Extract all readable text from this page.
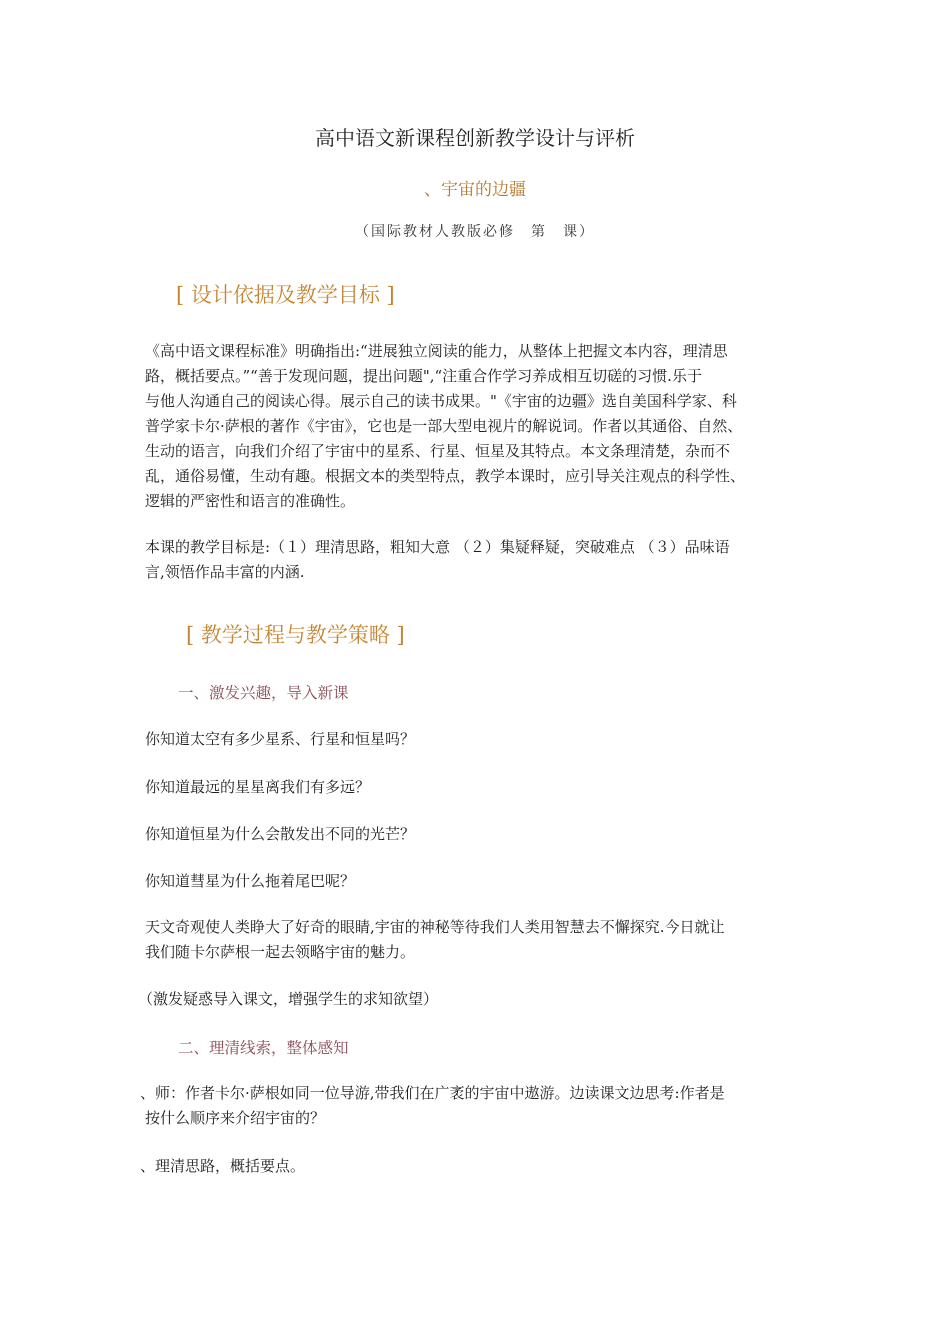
高中语文新课程创新教学设计与评析
、宇宙的边疆
（国际教材人教版必修　第　课）
[ 设计依据及教学目标 ]
《高中语文课程标准》明确指出:“进展独立阅读的能力，从整体上把握文本内容，理清思
路，概括要点。”“善于发现问题，提出问题",“注重合作学习养成相互切磋的习惯.乐于
与他人沟通自己的阅读心得。展示自己的读书成果。"《宇宙的边疆》选自美国科学家、科
普学家卡尔·萨根的著作《宇宙》，它也是一部大型电视片的解说词。作者以其通俗、自然、
生动的语言，向我们介绍了宇宙中的星系、行星、恒星及其特点。本文条理清楚，杂而不
乱，通俗易懂，生动有趣。根据文本的类型特点，教学本课时，应引导关注观点的科学性、
逻辑的严密性和语言的准确性。
本课的教学目标是:（１）理清思路，粗知大意 （２）集疑释疑，突破难点 （３）品味语
言,领悟作品丰富的内涵.
[ 教学过程与教学策略 ]
一、激发兴趣，导入新课
你知道太空有多少星系、行星和恒星吗？
你知道最远的星星离我们有多远？
你知道恒星为什么会散发出不同的光芒？
你知道彗星为什么拖着尾巴呢？
天文奇观使人类睁大了好奇的眼睛,宇宙的神秘等待我们人类用智慧去不懈探究.今日就让
我们随卡尔萨根一起去领略宇宙的魅力。
（激发疑惑导入课文，增强学生的求知欲望）
二、理清线索，整体感知
、师：作者卡尔·萨根如同一位导游,带我们在广袤的宇宙中遨游。边读课文边思考:作者是
按什么顺序来介绍宇宙的？
、理清思路，概括要点。
